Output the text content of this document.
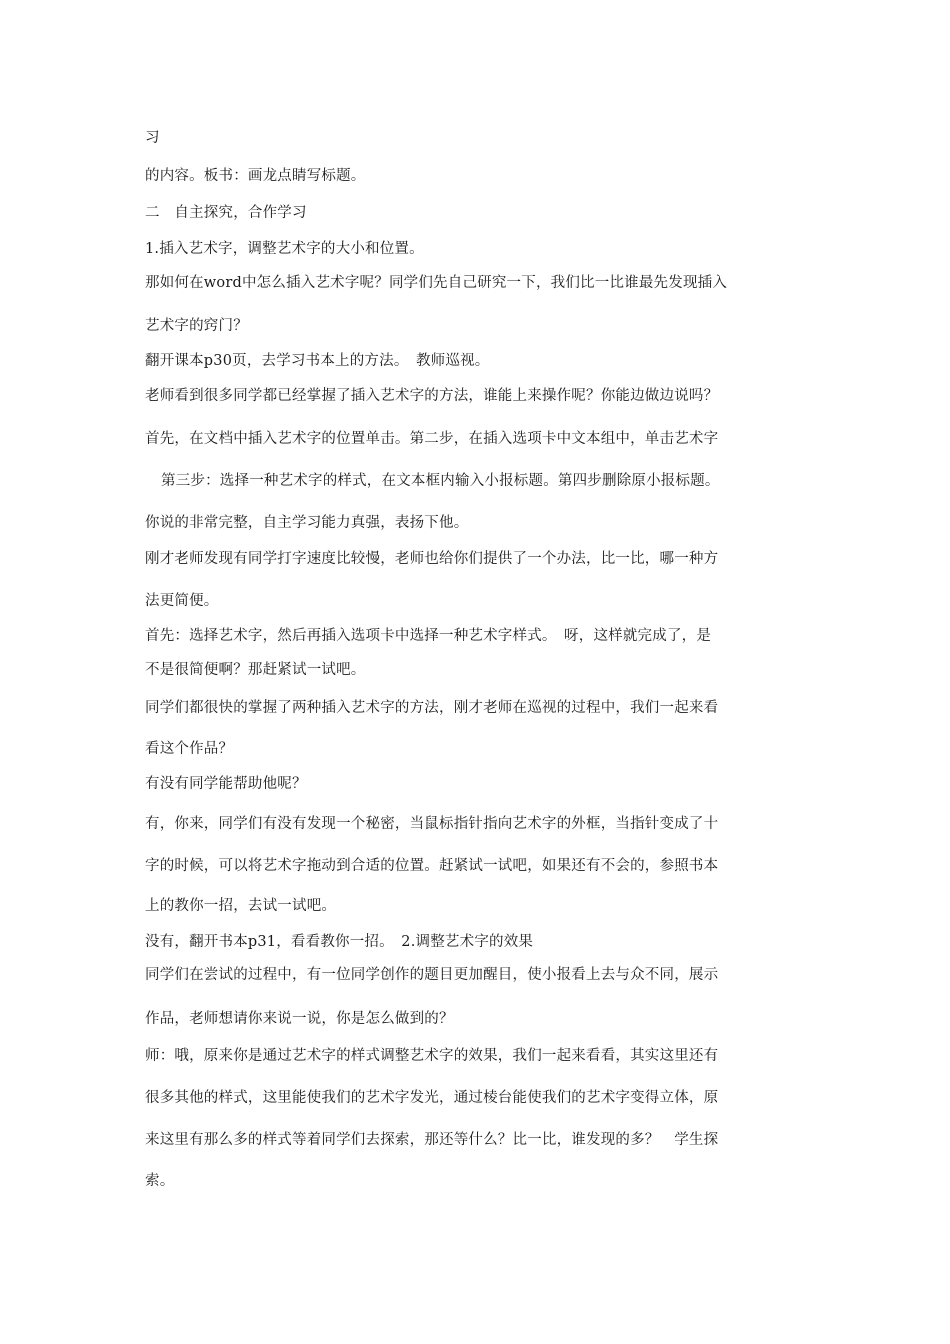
习

的内容。板书：画龙点睛写标题。

二　自主探究，合作学习

1.插入艺术字，调整艺术字的大小和位置。

那如何在word中怎么插入艺术字呢？同学们先自己研究一下，我们比一比谁最先发现插入

艺术字的窍门？

翻开课本p30页，去学习书本上的方法。　教师巡视。

老师看到很多同学都已经掌握了插入艺术字的方法，谁能上来操作呢？你能边做边说吗？

首先，在文档中插入艺术字的位置单击。第二步，在插入选项卡中文本组中，单击艺术字

第三步：选择一种艺术字的样式，在文本框内输入小报标题。第四步删除原小报标题。

你说的非常完整，自主学习能力真强，表扬下他。

刚才老师发现有同学打字速度比较慢，老师也给你们提供了一个办法，比一比，哪一种方

法更简便。

首先：选择艺术字，然后再插入选项卡中选择一种艺术字样式。　呀，这样就完成了，是

不是很简便啊？那赶紧试一试吧。

同学们都很快的掌握了两种插入艺术字的方法，刚才老师在巡视的过程中，我们一起来看

看这个作品？

有没有同学能帮助他呢？

有，你来，同学们有没有发现一个秘密，当鼠标指针指向艺术字的外框，当指针变成了十

字的时候，可以将艺术字拖动到合适的位置。赶紧试一试吧，如果还有不会的，参照书本

上的教你一招，去试一试吧。

没有，翻开书本p31，看看教你一招。　2.调整艺术字的效果

同学们在尝试的过程中，有一位同学创作的题目更加醒目，使小报看上去与众不同，展示

作品，老师想请你来说一说，你是怎么做到的？

师：哦，原来你是通过艺术字的样式调整艺术字的效果，我们一起来看看，其实这里还有

很多其他的样式，这里能使我们的艺术字发光，通过棱台能使我们的艺术字变得立体，原

来这里有那么多的样式等着同学们去探索，那还等什么？比一比，谁发现的多？　学生探

索。
